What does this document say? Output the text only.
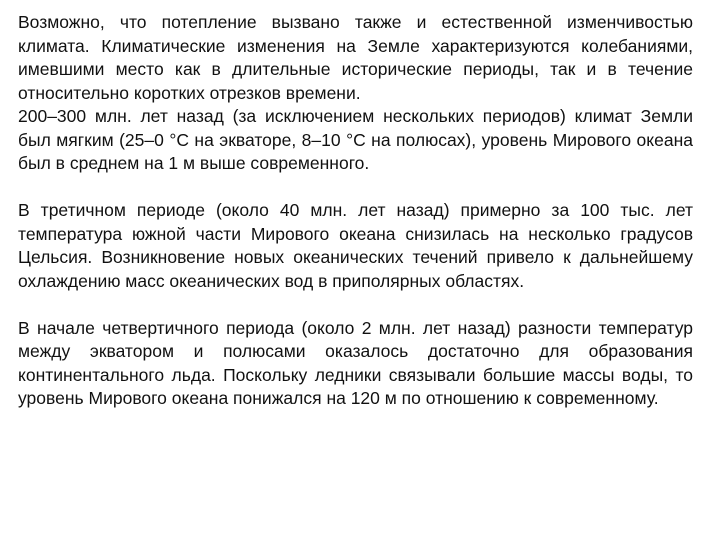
Возможно, что потепление вызвано также и естественной изменчивостью климата. Климатические изменения на Земле характеризуются колебаниями, имевшими место как в длительные исторические периоды, так и в течение относительно коротких отрезков времени.

200–300 млн. лет назад (за исключением нескольких периодов) климат Земли был мягким (25–0 °С на экваторе, 8–10 °С на полюсах), уровень Мирового океана был в среднем на 1 м выше современного.

В третичном периоде (около 40 млн. лет назад) примерно за 100 тыс. лет температура южной части Мирового океана снизилась на несколько градусов Цельсия. Возникновение новых океанических течений привело к дальнейшему охлаждению масс океанических вод в приполярных областях.

В начале четвертичного периода (около 2 млн. лет назад) разности температур между экватором и полюсами оказалось достаточно для образования континентального льда. Поскольку ледники связывали большие массы воды, то уровень Мирового океана понижался на 120 м по отношению к современному.
